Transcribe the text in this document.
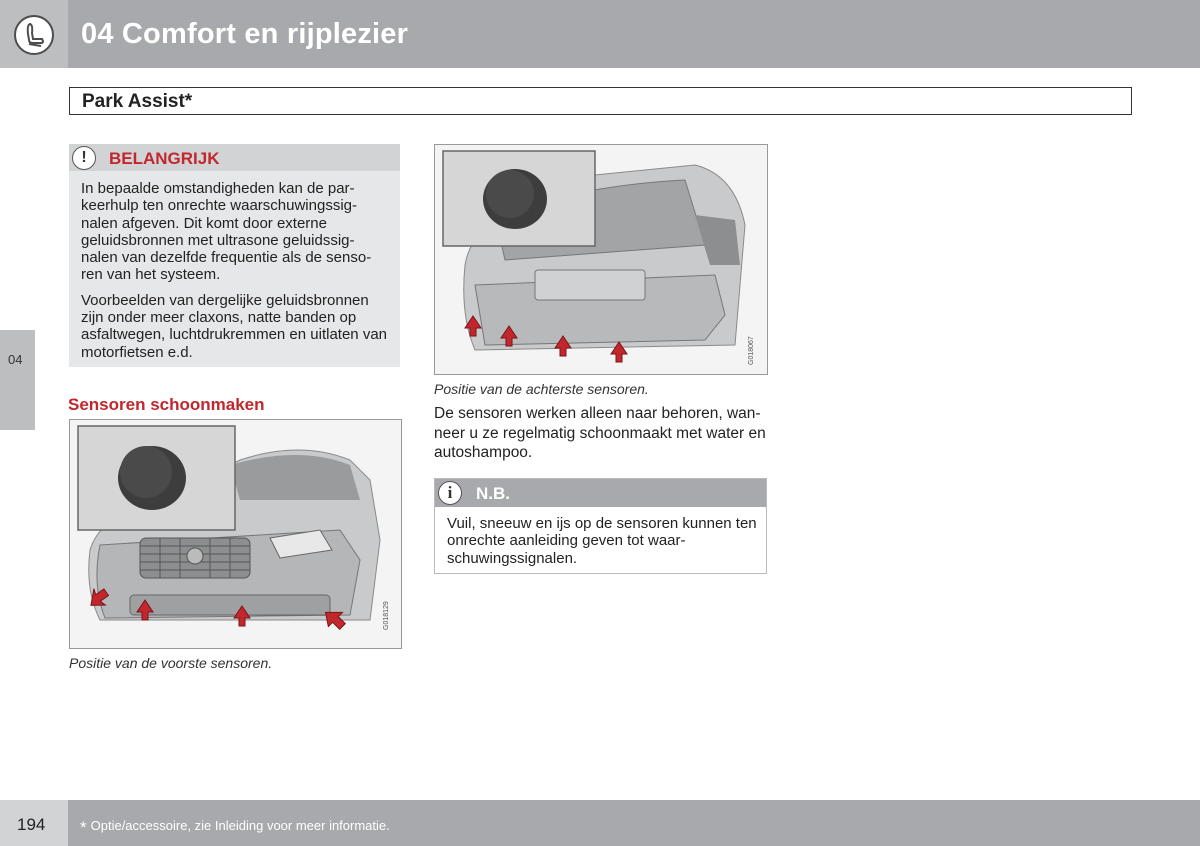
04 Comfort en rijplezier
Park Assist*
04
!	BELANGRIJK

In bepaalde omstandigheden kan de par-keerhulp ten onrechte waarschuwingssig-nalen afgeven. Dit komt door externe geluidsbronnen met ultrasone geluidssig-nalen van dezelfde frequentie als de senso-ren van het systeem.

Voorbeelden van dergelijke geluidsbronnen zijn onder meer claxons, natte banden op asfaltwegen, luchtdrukremmen en uitlaten van motorfietsen e.d.

Sensoren schoonmaken
G018129
Positie van de voorste sensoren.
G018067
Positie van de achterste sensoren.
De sensoren werken alleen naar behoren, wan-neer u ze regelmatig schoonmaakt met water en autoshampoo.
i	N.B.
Vuil, sneeuw en ijs op de sensoren kunnen ten onrechte aanleiding geven tot waar-schuwingssignalen.
194 * Optie/accessoire, zie Inleiding voor meer informatie.
